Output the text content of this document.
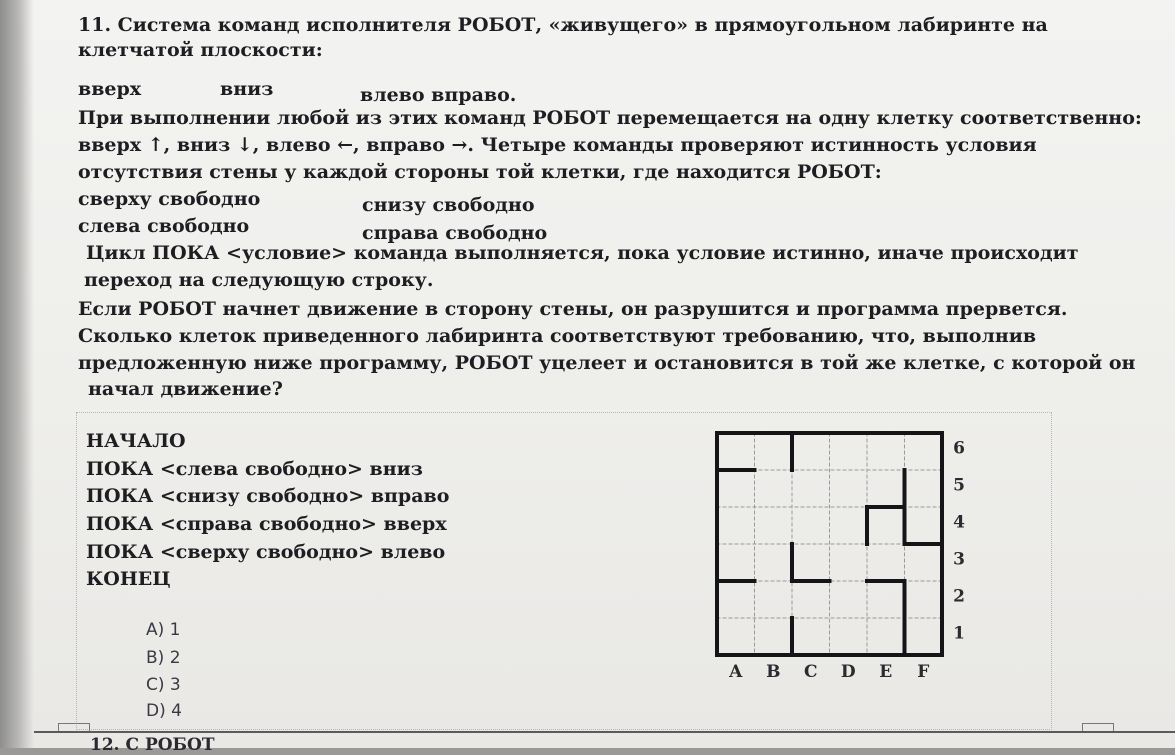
11. Система команд исполнителя РОБОТ, «живущего» в прямоугольном лабиринте на
клетчатой плоскости:
вверх	вниз	влево вправо.
При выполнении любой из этих команд РОБОТ перемещается на одну клетку соответственно:
вверх ↑, вниз ↓, влево ←, вправо →. Четыре команды проверяют истинность условия
отсутствия стены у каждой стороны той клетки, где находится РОБОТ:
сверху свободно	снизу свободно
слева свободно	справа свободно
Цикл ПОКА <условие> команда выполняется, пока условие истинно, иначе происходит
переход на следующую строку.
Если РОБОТ начнет движение в сторону стены, он разрушится и программа прервется.
Сколько клеток приведенного лабиринта соответствуют требованию, что, выполнив
предложенную ниже программу, РОБОТ уцелеет и остановится в той же клетке, с которой он
начал движение?
НАЧАЛО
ПОКА <слева свободно> вниз
ПОКА <снизу свободно> вправо
ПОКА <справа свободно> вверх
ПОКА <сверху свободно> влево
КОНЕЦ
A) 1
B) 2
C) 3
D) 4
A B C D E F
6
5
4
3
2
1
12. С РОБОТ
